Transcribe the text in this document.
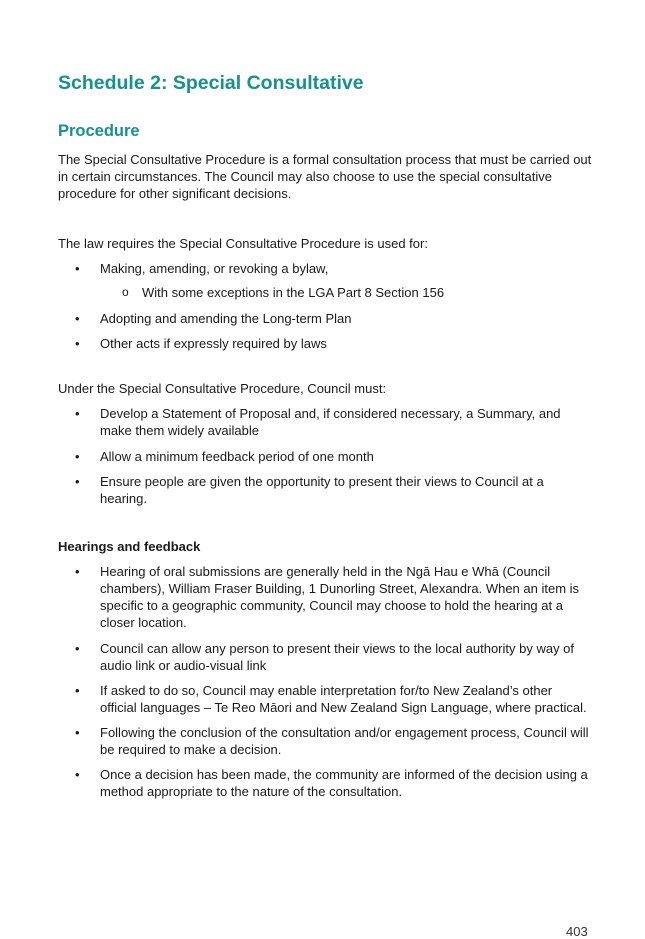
Schedule 2: Special Consultative
Procedure

The Special Consultative Procedure is a formal consultation process that must be carried out in certain circumstances. The Council may also choose to use the special consultative procedure for other significant decisions.

The law requires the Special Consultative Procedure is used for:

•	Making, amending, or revoking a bylaw,
•	Adopting and amending the Long-term Plan
•	Other acts if expressly required by laws
o With some exceptions in the LGA Part 8 Section 156

Under the Special Consultative Procedure, Council must:

•	Develop a Statement of Proposal and, if considered necessary, a Summary, and make them widely available
•	Allow a minimum feedback period of one month
•	Ensure people are given the opportunity to present their views to Council at a hearing.
Hearings and feedback
•	Hearing of oral submissions are generally held in the Ngā Hau e Whā (Council chambers), William Fraser Building, 1 Dunorling Street, Alexandra. When an item is specific to a geographic community, Council may choose to hold the hearing at a closer location.
•	Council can allow any person to present their views to the local authority by way of audio link or audio-visual link
•	If asked to do so, Council may enable interpretation for/to New Zealand’s other official languages – Te Reo Māori and New Zealand Sign Language, where practical.
•	Following the conclusion of the consultation and/or engagement process, Council will be required to make a decision.
•	Once a decision has been made, the community are informed of the decision using a method appropriate to the nature of the consultation.
403
